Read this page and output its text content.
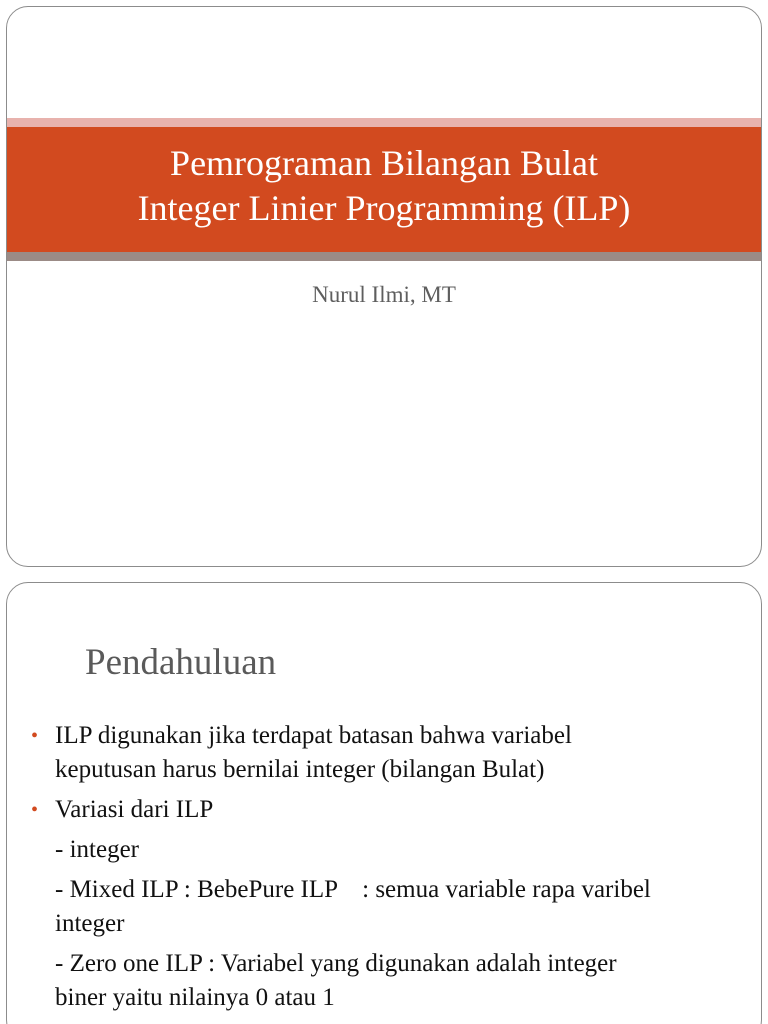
Pemrograman Bilangan Bulat
Integer Linier Programming (ILP)

Nurul Ilmi, MT

Pendahuluan
• ILP digunakan jika terdapat batasan bahwa variabel
keputusan harus bernilai integer (bilangan Bulat)
• Variasi dari ILP
- integer
- Mixed ILP : BebePure ILP    : semua variable rapa varibel
integer
- Zero one ILP : Variabel yang digunakan adalah integer
biner yaitu nilainya 0 atau 1
